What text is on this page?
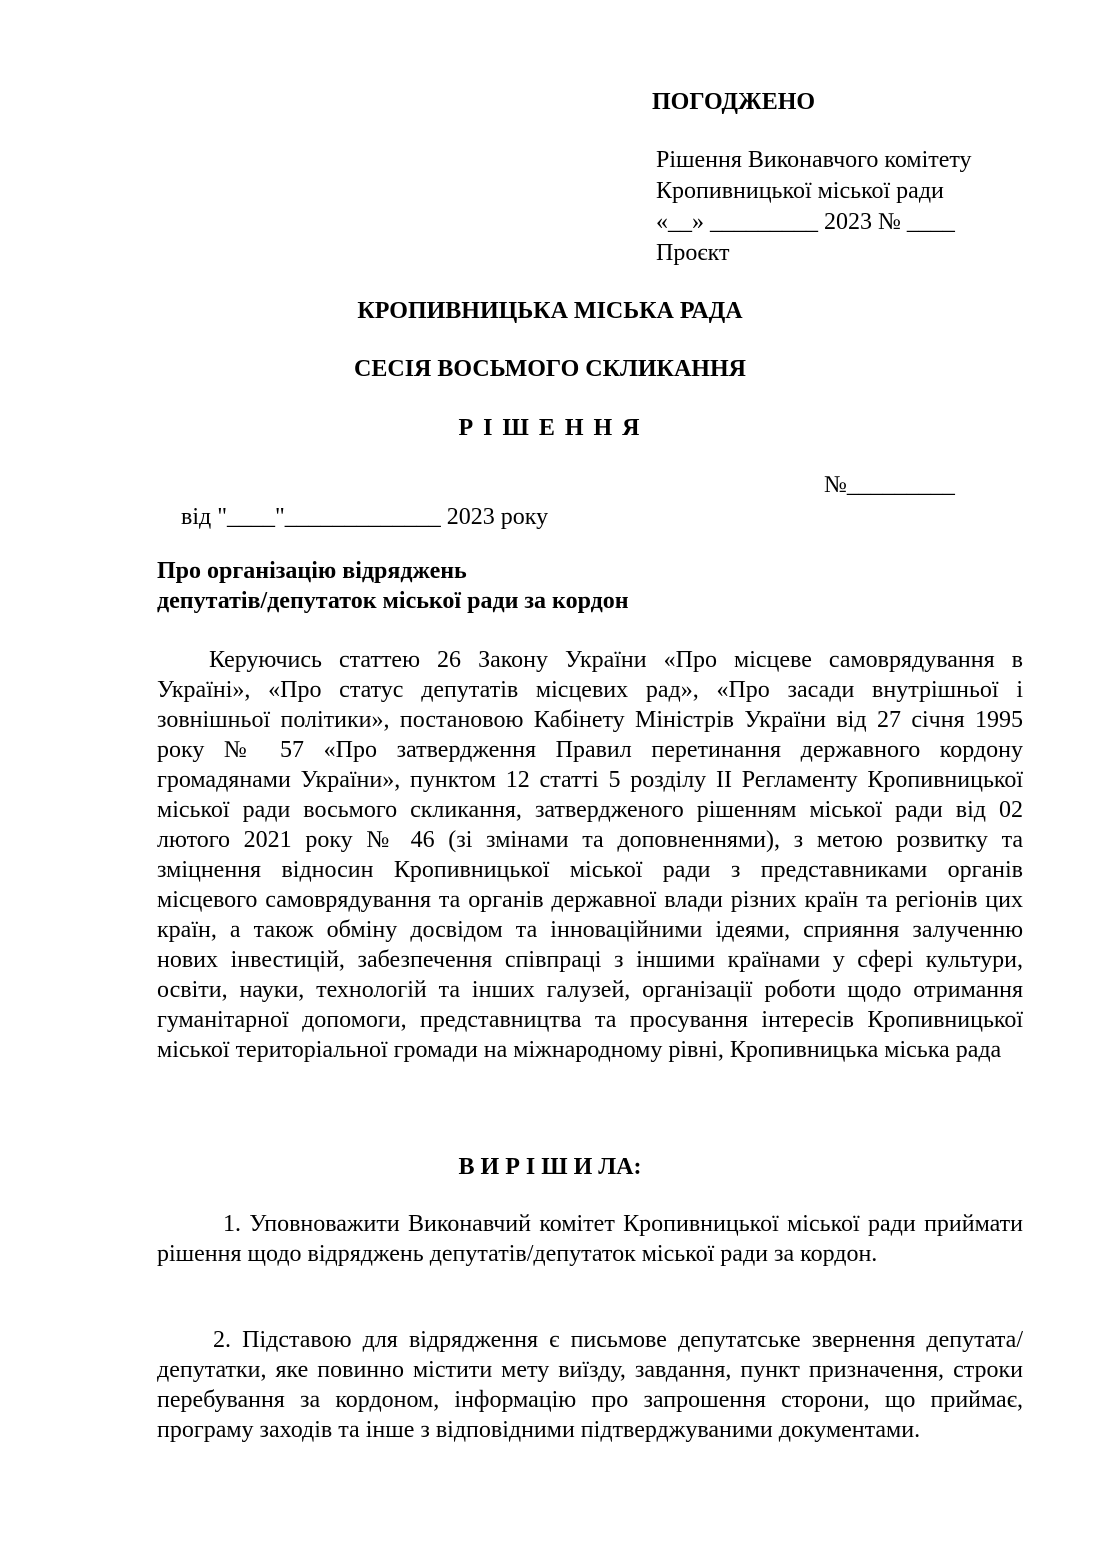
ПОГОДЖЕНО
Рішення Виконавчого комітету
Кропивницької міської ради
«__» _________ 2023 № ____
Проєкт
КРОПИВНИЦЬКА МІСЬКА РАДА
СЕСІЯ ВОСЬМОГО СКЛИКАННЯ
Р І Ш Е Н Н Я

від "____"_____________ 2023 року

№_________

Про організацію відряджень
депутатів/депутаток міської ради за кордон

Керуючись статтею 26 Закону України «Про місцеве самоврядування в Україні», «Про статус депутатів місцевих рад», «Про засади внутрішньої і зовнішньої політики», постановою Кабінету Міністрів України від 27 січня 1995 року № 57 «Про затвердження Правил перетинання державного кордону громадянами України», пунктом 12 статті 5 розділу ІІ Регламенту Кропивницької міської ради восьмого скликання, затвердженого рішенням міської ради від 02 лютого 2021 року № 46 (зі змінами та доповненнями), з метою розвитку та зміцнення відносин Кропивницької міської ради з представниками органів місцевого самоврядування та органів державної влади різних країн та регіонів цих країн, а також обміну досвідом та інноваційними ідеями, сприяння залученню нових інвестицій, забезпечення співпраці з іншими країнами у сфері культури, освіти, науки, технологій та інших галузей, організації роботи щодо отримання гуманітарної допомоги, представництва та просування інтересів Кропивницької міської територіальної громади на міжнародному рівні, Кропивницька міська рада

В И Р І Ш И ЛА:

1. Уповноважити Виконавчий комітет Кропивницької міської ради приймати рішення щодо відряджень депутатів/депутаток міської ради за кордон.

2. Підставою для відрядження є письмове депутатське звернення депутата/депутатки, яке повинно містити мету виїзду, завдання, пункт призначення, строки перебування за кордоном, інформацію про запрошення сторони, що приймає, програму заходів та інше з відповідними підтверджуваними документами.
